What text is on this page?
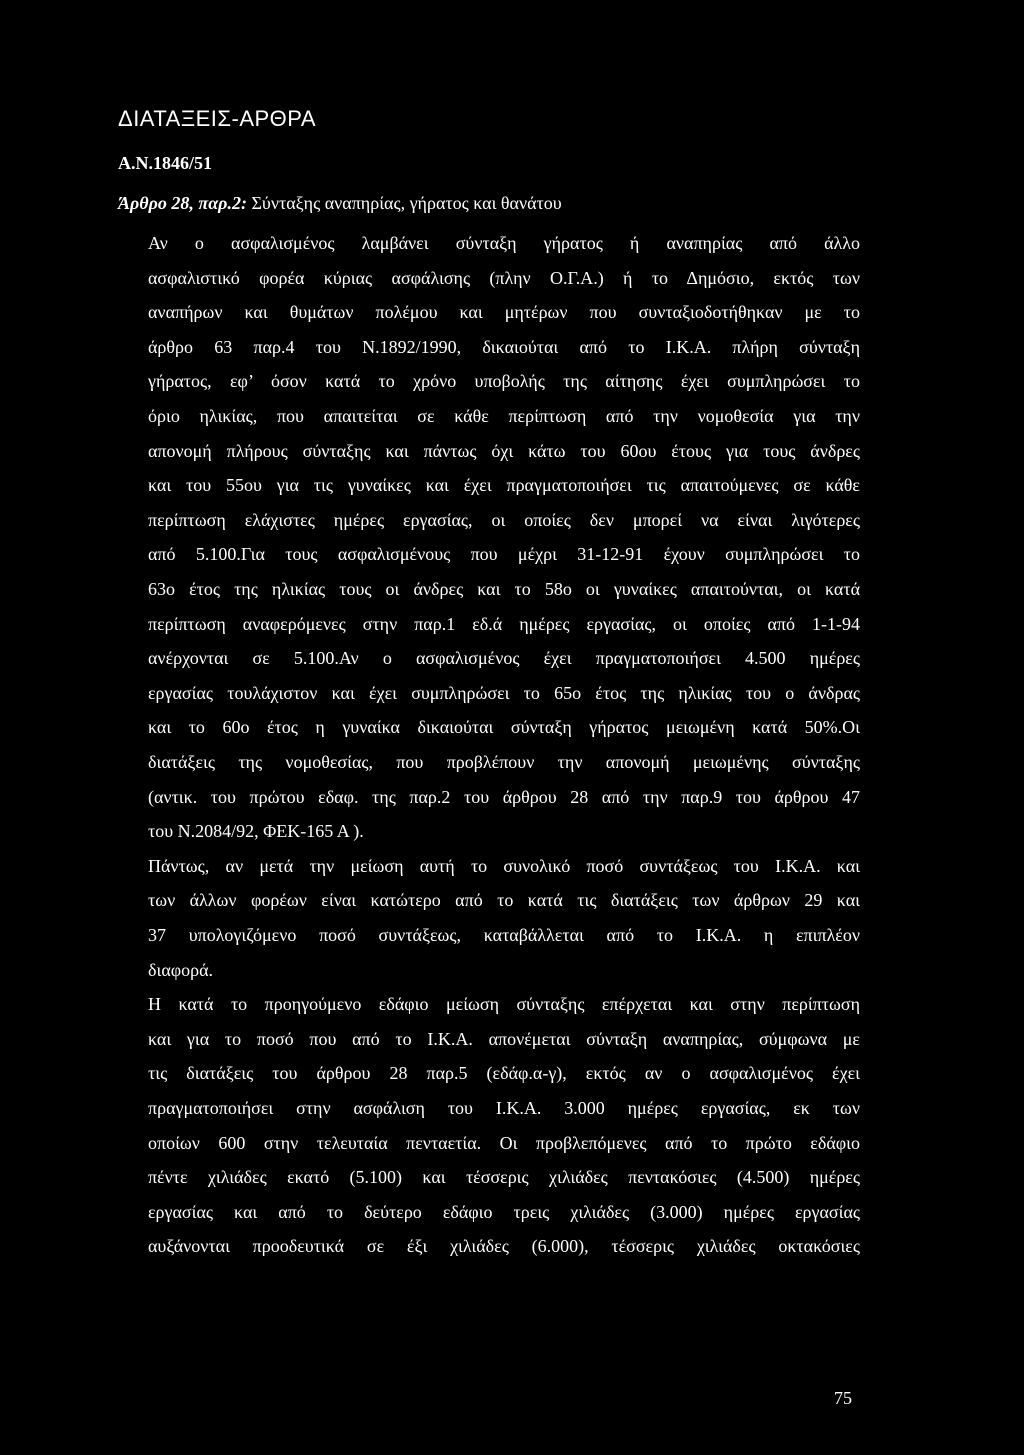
ΔΙΑΤΑΞΕΙΣ-ΑΡΘΡΑ
Α.Ν.1846/51
Άρθρο 28, παρ.2: Σύνταξης αναπηρίας, γήρατος και θανάτου
Αν ο ασφαλισμένος λαμβάνει σύνταξη γήρατος ή αναπηρίας από άλλο
ασφαλιστικό φορέα κύριας ασφάλισης (πλην Ο.Γ.Α.) ή το Δημόσιο, εκτός των
αναπήρων και θυμάτων πολέμου και μητέρων που συνταξιοδοτήθηκαν με το
άρθρο 63 παρ.4 του Ν.1892/1990, δικαιούται από το Ι.Κ.Α. πλήρη σύνταξη
γήρατος, εφ’ όσον κατά το χρόνο υποβολής της αίτησης έχει συμπληρώσει το
όριο ηλικίας, που απαιτείται σε κάθε περίπτωση από την νομοθεσία για την
απονομή πλήρους σύνταξης και πάντως όχι κάτω του 60ου έτους για τους άνδρες
και του 55ου για τις γυναίκες και έχει πραγματοποιήσει τις απαιτούμενες σε κάθε
περίπτωση ελάχιστες ημέρες εργασίας, οι οποίες δεν μπορεί να είναι λιγότερες
από 5.100.Για τους ασφαλισμένους που μέχρι 31-12-91 έχουν συμπληρώσει το
63ο έτος της ηλικίας τους οι άνδρες και το 58ο οι γυναίκες απαιτούνται, οι κατά
περίπτωση αναφερόμενες στην παρ.1 εδ.ά ημέρες εργασίας, οι οποίες από 1-1-94
ανέρχονται σε 5.100.Αν ο ασφαλισμένος έχει πραγματοποιήσει 4.500 ημέρες
εργασίας τουλάχιστον και έχει συμπληρώσει το 65ο έτος της ηλικίας του ο άνδρας
και το 60ο έτος η γυναίκα δικαιούται σύνταξη γήρατος μειωμένη κατά 50%.Οι
διατάξεις της νομοθεσίας, που προβλέπουν την απονομή μειωμένης σύνταξης
(αντικ. του πρώτου εδαφ. της παρ.2 του άρθρου 28 από την παρ.9 του άρθρου 47
του Ν.2084/92, ΦΕΚ-165 Α ).
Πάντως, αν μετά την μείωση αυτή το συνολικό ποσό συντάξεως του Ι.Κ.Α. και
των άλλων φορέων είναι κατώτερο από το κατά τις διατάξεις των άρθρων 29 και
37 υπολογιζόμενο ποσό συντάξεως, καταβάλλεται από το Ι.Κ.Α. η επιπλέον
διαφορά.
Η κατά το προηγούμενο εδάφιο μείωση σύνταξης επέρχεται και στην περίπτωση
και για το ποσό που από το Ι.Κ.Α. απονέμεται σύνταξη αναπηρίας, σύμφωνα με
τις διατάξεις του άρθρου 28 παρ.5 (εδάφ.α-γ), εκτός αν ο ασφαλισμένος έχει
πραγματοποιήσει στην ασφάλιση του Ι.Κ.Α. 3.000 ημέρες εργασίας, εκ των
οποίων 600 στην τελευταία πενταετία. Οι προβλεπόμενες από το πρώτο εδάφιο
πέντε χιλιάδες εκατό (5.100) και τέσσερις χιλιάδες πεντακόσιες (4.500) ημέρες
εργασίας και από το δεύτερο εδάφιο τρεις χιλιάδες (3.000) ημέρες εργασίας
αυξάνονται προοδευτικά σε έξι χιλιάδες (6.000), τέσσερις χιλιάδες οκτακόσιες
75
